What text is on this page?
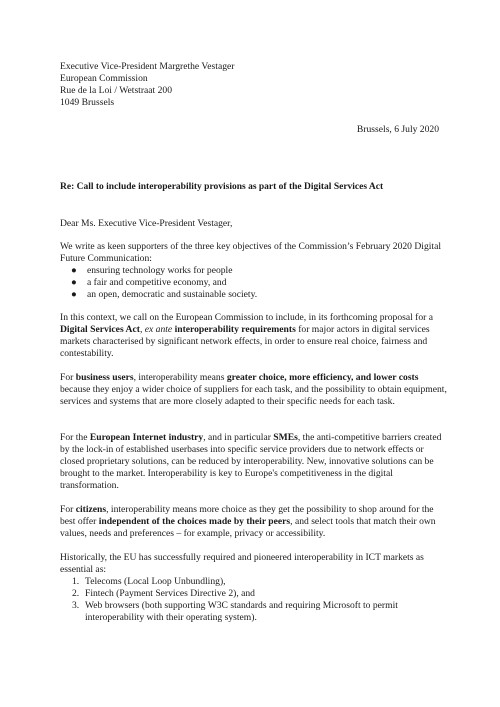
Executive Vice-President Margrethe Vestager
European Commission
Rue de la Loi / Wetstraat 200
1049 Brussels
Brussels, 6 July 2020
Re: Call to include interoperability provisions as part of the Digital Services Act
Dear Ms. Executive Vice-President Vestager,

We write as keen supporters of the three key objectives of the Commission’s February 2020 Digital Future Communication:

● ensuring technology works for people
● a fair and competitive economy, and
● an open, democratic and sustainable society.

In this context, we call on the European Commission to include, in its forthcoming proposal for a Digital Services Act, ex ante interoperability requirements for major actors in digital services markets characterised by significant network effects, in order to ensure real choice, fairness and contestability.

For business users, interoperability means greater choice, more efficiency, and lower costs because they enjoy a wider choice of suppliers for each task, and the possibility to obtain equipment, services and systems that are more closely adapted to their specific needs for each task.

For the European Internet industry, and in particular SMEs, the anti-competitive barriers created by the lock-in of established userbases into specific service providers due to network effects or closed proprietary solutions, can be reduced by interoperability. New, innovative solutions can be brought to the market. Interoperability is key to Europe's competitiveness in the digital transformation.

For citizens, interoperability means more choice as they get the possibility to shop around for the best offer independent of the choices made by their peers, and select tools that match their own values, needs and preferences – for example, privacy or accessibility.

Historically, the EU has successfully required and pioneered interoperability in ICT markets as essential as:

1. Telecoms (Local Loop Unbundling),
2. Fintech (Payment Services Directive 2), and
3. Web browsers (both supporting W3C standards and requiring Microsoft to permit interoperability with their operating system).
